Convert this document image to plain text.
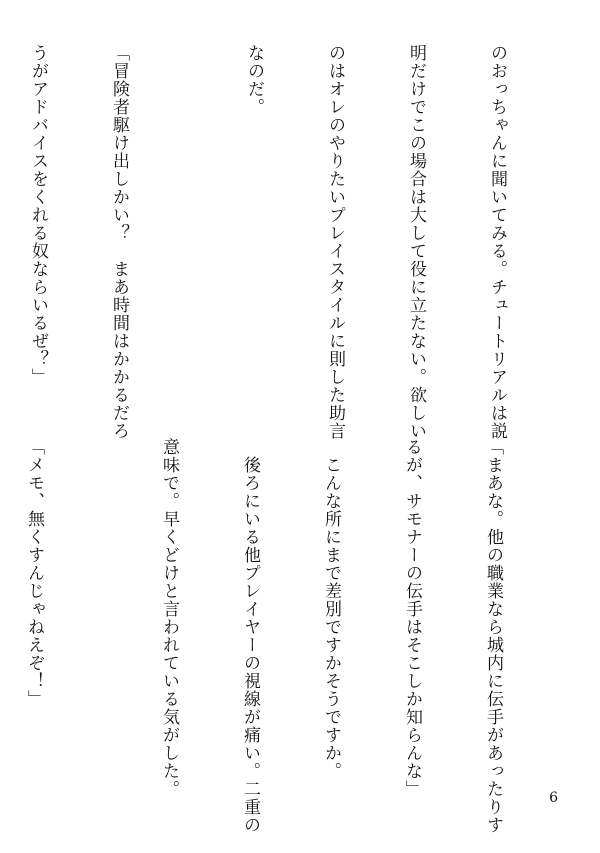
のおっちゃんに聞いてみる。チュートリアルは説

明だけでこの場合は大して役に立たない。欲しい

のはオレのやりたいプレイスタイルに則した助言

なのだ。

「冒険者駆け出しかい？　まあ時間はかかるだろ

うがアドバイスをくれる奴ならいるぜ？」

「まあな。他の職業なら城内に伝手があったりす

るが、サモナーの伝手はそこしか知らんな」

　こんな所にまで差別ですかそうですか。

　後ろにいる他プレイヤーの視線が痛い。二重の

意味で。早くどけと言われている気がした。

「メモ、無くすんじゃねえぞ！」

6
